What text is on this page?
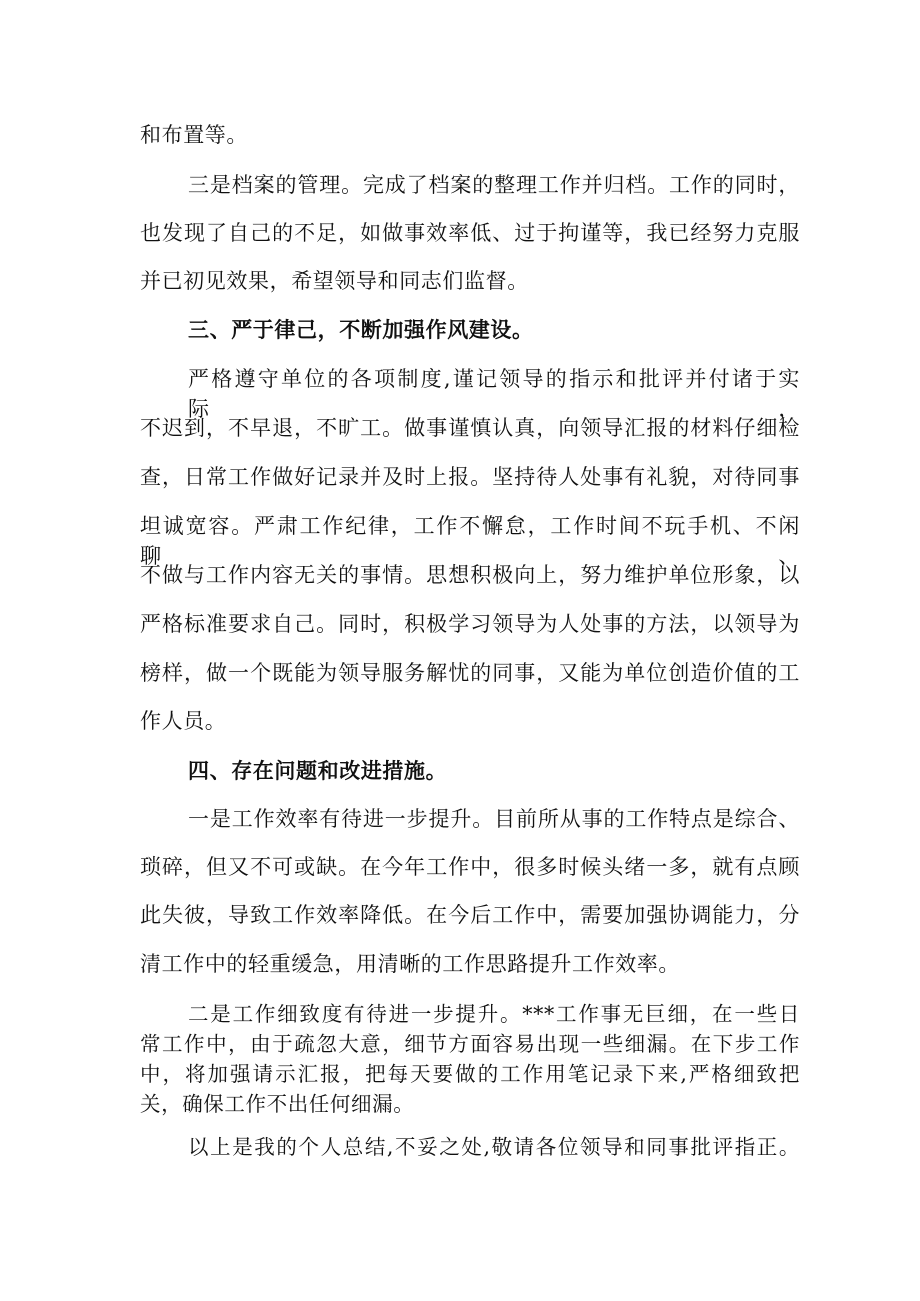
和布置等。
三是档案的管理。完成了档案的整理工作并归档。工作的同时，
也发现了自己的不足，如做事效率低、过于拘谨等，我已经努力克服
并已初见效果，希望领导和同志们监督。
三、严于律己，不断加强作风建设。
严格遵守单位的各项制度,谨记领导的指示和批评并付诸于实际，
不迟到，不早退，不旷工。做事谨慎认真，向领导汇报的材料仔细检
查，日常工作做好记录并及时上报。坚持待人处事有礼貌，对待同事
坦诚宽容。严肃工作纪律，工作不懈怠，工作时间不玩手机、不闲聊、
不做与工作内容无关的事情。思想积极向上，努力维护单位形象，以
严格标准要求自己。同时，积极学习领导为人处事的方法，以领导为
榜样，做一个既能为领导服务解忧的同事，又能为单位创造价值的工
作人员。
四、存在问题和改进措施。
一是工作效率有待进一步提升。目前所从事的工作特点是综合、
琐碎，但又不可或缺。在今年工作中，很多时候头绪一多，就有点顾
此失彼，导致工作效率降低。在今后工作中，需要加强协调能力，分
清工作中的轻重缓急，用清晰的工作思路提升工作效率。
二是工作细致度有待进一步提升。***工作事无巨细，在一些日
常工作中，由于疏忽大意，细节方面容易出现一些细漏。在下步工作
中，将加强请示汇报，把每天要做的工作用笔记录下来,严格细致把
关，确保工作不出任何细漏。
以上是我的个人总结,不妥之处,敬请各位领导和同事批评指正。
